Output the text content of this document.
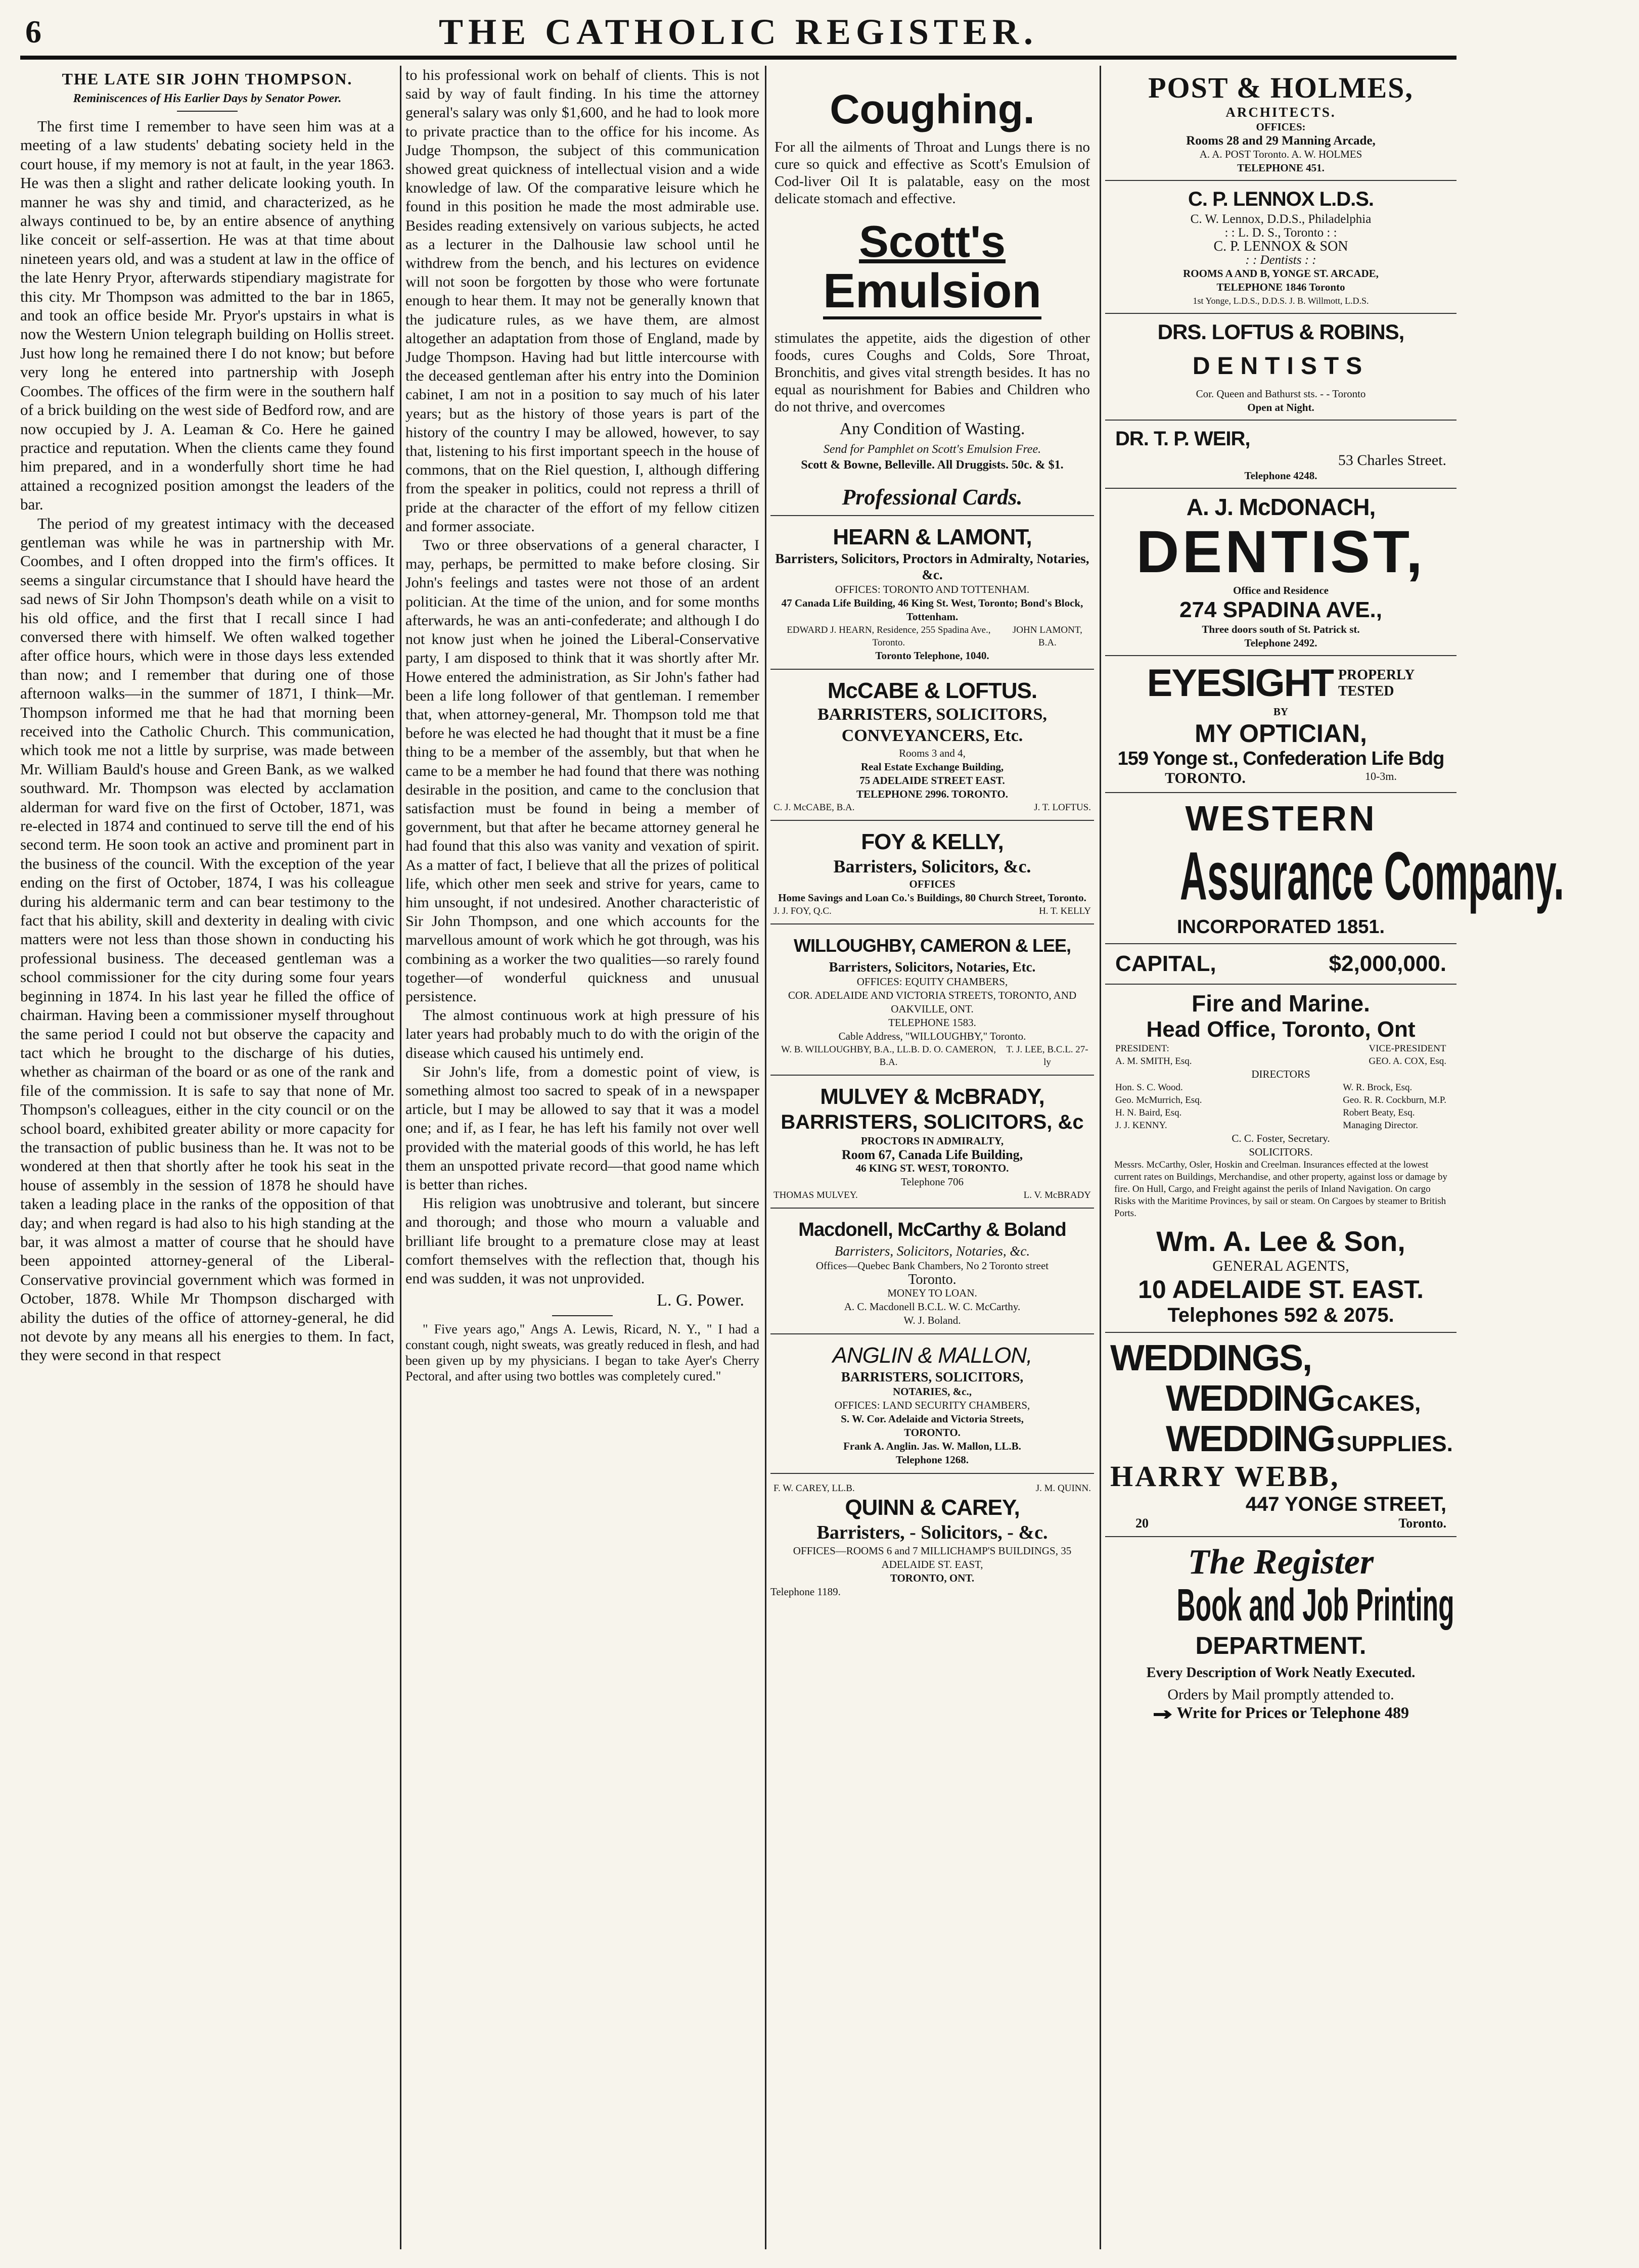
6	THE CATHOLIC REGISTER.
THE LATE SIR JOHN THOMPSON.
Reminiscences of His Earlier Days by Senator Power.

The first time I remember to have seen him was at a meeting of a law students' debating society held in the court house, if my memory is not at fault, in the year 1863. He was then a slight and rather delicate looking youth. In manner he was shy and timid, and characterized, as he always continued to be, by an entire absence of anything like conceit or self-assertion. He was at that time about nineteen years old, and was a student at law in the office of the late Henry Pryor, afterwards stipendiary magistrate for this city. Mr Thompson was admitted to the bar in 1865, and took an office beside Mr. Pryor's upstairs in what is now the Western Union telegraph building on Hollis street. Just how long he remained there I do not know; but before very long he entered into partnership with Joseph Coombes. The offices of the firm were in the southern half of a brick building on the west side of Bedford row, and are now occupied by J. A. Leaman & Co. Here he gained practice and reputation. When the clients came they found him prepared, and in a wonderfully short time he had attained a recognized position amongst the leaders of the bar.

The period of my greatest intimacy with the deceased gentleman was while he was in partnership with Mr. Coombes, and I often dropped into the firm's offices. It seems a singular circumstance that I should have heard the sad news of Sir John Thompson's death while on a visit to his old office, and the first that I recall since I had conversed there with himself. We often walked together after office hours, which were in those days less extended than now; and I remember that during one of those afternoon walks—in the summer of 1871, I think—Mr. Thompson informed me that he had that morning been received into the Catholic Church. This communication, which took me not a little by surprise, was made between Mr. William Bauld's house and Green Bank, as we walked southward. Mr. Thompson was elected by acclamation alderman for ward five on the first of October, 1871, was re-elected in 1874 and continued to serve till the end of his second term. He soon took an active and prominent part in the business of the council. With the exception of the year ending on the first of October, 1874, I was his colleague during his aldermanic term and can bear testimony to the fact that his ability, skill and dexterity in dealing with civic matters were not less than those shown in conducting his professional business. The deceased gentleman was a school commissioner for the city during some four years beginning in 1874. In his last year he filled the office of chairman. Having been a commissioner myself throughout the same period I could not but observe the capacity and tact which he brought to the discharge of his duties, whether as chairman of the board or as one of the rank and file of the commission. It is safe to say that none of Mr. Thompson's colleagues, either in the city council or on the school board, exhibited greater ability or more capacity for the transaction of public business than he. It was not to be wondered at then that shortly after he took his seat in the house of assembly in the session of 1878 he should have taken a leading place in the ranks of the opposition of that day; and when regard is had also to his high standing at the bar, it was almost a matter of course that he should have been appointed attorney-general of the Liberal-Conservative provincial government which was formed in October, 1878. While Mr Thompson discharged with ability the duties of the office of attorney-general, he did not devote by any means all his energies to them. In fact, they were second in that respect

to his professional work on behalf of clients. This is not said by way of fault finding. In his time the attorney general's salary was only $1,600, and he had to look more to private practice than to the office for his income. As Judge Thompson, the subject of this communication showed great quickness of intellectual vision and a wide knowledge of law. Of the comparative leisure which he found in this position he made the most admirable use. Besides reading extensively on various subjects, he acted as a lecturer in the Dalhousie law school until he withdrew from the bench, and his lectures on evidence will not soon be forgotten by those who were fortunate enough to hear them. It may not be generally known that the judicature rules, as we have them, are almost altogether an adaptation from those of England, made by Judge Thompson. Having had but little intercourse with the deceased gentleman after his entry into the Dominion cabinet, I am not in a position to say much of his later years; but as the history of those years is part of the history of the country I may be allowed, however, to say that, listening to his first important speech in the house of commons, that on the Riel question, I, although differing from the speaker in politics, could not repress a thrill of pride at the character of the effort of my fellow citizen and former associate.

Two or three observations of a general character, I may, perhaps, be permitted to make before closing. Sir John's feelings and tastes were not those of an ardent politician. At the time of the union, and for some months afterwards, he was an anti-confederate; and although I do not know just when he joined the Liberal-Conservative party, I am disposed to think that it was shortly after Mr. Howe entered the administration, as Sir John's father had been a life long follower of that gentleman. I remember that, when attorney-general, Mr. Thompson told me that before he was elected he had thought that it must be a fine thing to be a member of the assembly, but that when he came to be a member he had found that there was nothing desirable in the position, and came to the conclusion that satisfaction must be found in being a member of government, but that after he became attorney general he had found that this also was vanity and vexation of spirit. As a matter of fact, I believe that all the prizes of political life, which other men seek and strive for years, came to him unsought, if not undesired. Another characteristic of Sir John Thompson, and one which accounts for the marvellous amount of work which he got through, was his combining as a worker the two qualities—so rarely found together—of wonderful quickness and unusual persistence.

The almost continuous work at high pressure of his later years had probably much to do with the origin of the disease which caused his untimely end.

Sir John's life, from a domestic point of view, is something almost too sacred to speak of in a newspaper article, but I may be allowed to say that it was a model one; and if, as I fear, he has left his family not over well provided with the material goods of this world, he has left them an unspotted private record—that good name which is better than riches.

His religion was unobtrusive and tolerant, but sincere and thorough; and those who mourn a valuable and brilliant life brought to a premature close may at least comfort themselves with the reflection that, though his end was sudden, it was not unprovided.

L. G. Power.

" Five years ago," Angs A. Lewis, Ricard, N. Y., " I had a constant cough, night sweats, was greatly reduced in flesh, and had been given up by my physicians. I began to take Ayer's Cherry Pectoral, and after using two bottles was completely cured."

Coughing.

For all the ailments of Throat and Lungs there is no cure so quick and effective as Scott's Emulsion of Cod-liver Oil It is palatable, easy on the most delicate stomach and effective.

Scott's
Emulsion

stimulates the appetite, aids the digestion of other foods, cures Coughs and Colds, Sore Throat, Bronchitis, and gives vital strength besides. It has no equal as nourishment for Babies and Children who do not thrive, and overcomes

Any Condition of Wasting.
Send for Pamphlet on Scott's Emulsion Free.
Scott & Bowne, Belleville. All Druggists. 50c. & $1.
Professional Cards.
HEARN & LAMONT,
Barristers, Solicitors, Proctors in Admiralty, Notaries, &c.
OFFICES: TORONTO AND TOTTENHAM.
47 Canada Life Building, 46 King St. West, Toronto; Bond's Block, Tottenham.
EDWARD J. HEARN, Residence, 255 Spadina Ave., Toronto.
JOHN LAMONT, B.A.
Toronto Telephone, 1040.
McCABE & LOFTUS.
BARRISTERS, SOLICITORS, CONVEYANCERS, Etc.
Rooms 3 and 4,
Real Estate Exchange Building,
75 ADELAIDE STREET EAST.
TELEPHONE 2996. TORONTO.
C. J. McCABE, B.A.	J. T. LOFTUS.
FOY & KELLY,
Barristers, Solicitors, &c.
OFFICES
Home Savings and Loan Co.'s Buildings, 80 Church Street, Toronto.
J. J. FOY, Q.C.	H. T. KELLY
WILLOUGHBY, CAMERON & LEE,
Barristers, Solicitors, Notaries, Etc.
OFFICES: EQUITY CHAMBERS,
COR. ADELAIDE AND VICTORIA STREETS, TORONTO, AND OAKVILLE, ONT.
TELEPHONE 1583.
Cable Address, "WILLOUGHBY," Toronto.
W. B. WILLOUGHBY, B.A., LL.B. D. O. CAMERON, B.A.
T. J. LEE, B.C.L. 27-ly
MULVEY & McBRADY,
BARRISTERS, SOLICITORS, &c
PROCTORS IN ADMIRALTY,
Room 67, Canada Life Building,
46 KING ST. WEST, TORONTO.
Telephone 706
THOMAS MULVEY.	L. V. McBRADY
Macdonell, McCarthy & Boland
Barristers, Solicitors, Notaries, &c.
Offices—Quebec Bank Chambers, No 2 Toronto street
Toronto.
MONEY TO LOAN.
A. C. Macdonell B.C.L. W. C. McCarthy.
W. J. Boland.
ANGLIN & MALLON,
BARRISTERS, SOLICITORS,
NOTARIES, &c.,
OFFICES: LAND SECURITY CHAMBERS,
S. W. Cor. Adelaide and Victoria Streets,
TORONTO.
Frank A. Anglin. Jas. W. Mallon, LL.B.
Telephone 1268.
F. W. CAREY, LL.B.	J. M. QUINN.
QUINN & CAREY,
Barristers, - Solicitors, - &c.
OFFICES—ROOMS 6 and 7 MILLICHAMP'S BUILDINGS, 35 ADELAIDE ST. EAST,
TORONTO, ONT.
Telephone 1189.
POST & HOLMES,
ARCHITECTS.
OFFICES:
Rooms 28 and 29 Manning Arcade,
A. A. POST Toronto. A. W. HOLMES
TELEPHONE 451.
C. P. LENNOX L.D.S.
C. W. Lennox, D.D.S., Philadelphia
: : L. D. S., Toronto : :
C. P. LENNOX & SON
: : Dentists : :
ROOMS A AND B, YONGE ST. ARCADE,
TELEPHONE 1846 Toronto
1st Yonge, L.D.S., D.D.S. J. B. Willmott, L.D.S.
DRS. LOFTUS & ROBINS,
DENTISTS
Cor. Queen and Bathurst sts. - - Toronto
Open at Night.
DR. T. P. WEIR,
53 Charles Street.
Telephone 4248.
A. J. McDONACH,
DENTIST,
Office and Residence
274 SPADINA AVE.,
Three doors south of St. Patrick st.
Telephone 2492.
EYESIGHT PROPERLY
TESTED
BY
MY OPTICIAN,
159 Yonge st., Confederation Life Bdg
TORONTO.	10-3m.
WESTERN
Assurance Company.
INCORPORATED 1851.
CAPITAL,	$2,000,000.
Fire and Marine.
Head Office, Toronto, Ont
PRESIDENT:
A. M. SMITH, Esq.
VICE-PRESIDENT
GEO. A. COX, Esq.
DIRECTORS
Hon. S. C. Wood.
Geo. McMurrich, Esq.
H. N. Baird, Esq.
J. J. KENNY.
W. R. Brock, Esq.
Geo. R. R. Cockburn, M.P.
Robert Beaty, Esq.
Managing Director.
C. C. Foster, Secretary.
SOLICITORS.
Messrs. McCarthy, Osler, Hoskin and Creelman. Insurances effected at the lowest current rates on Buildings, Merchandise, and other property, against loss or damage by fire. On Hull, Cargo, and Freight against the perils of Inland Navigation. On cargo Risks with the Maritime Provinces, by sail or steam. On Cargoes by steamer to British Ports.
Wm. A. Lee & Son,
GENERAL AGENTS,
10 ADELAIDE ST. EAST.
Telephones 592 & 2075.
WEDDINGS,
WEDDING CAKES,
WEDDING SUPPLIES.
HARRY WEBB,
447 YONGE STREET,
20	Toronto.
The Register
Book and Job Printing
DEPARTMENT.
Every Description of Work Neatly Executed.
Orders by Mail promptly attended to.
Write for Prices or Telephone 489
